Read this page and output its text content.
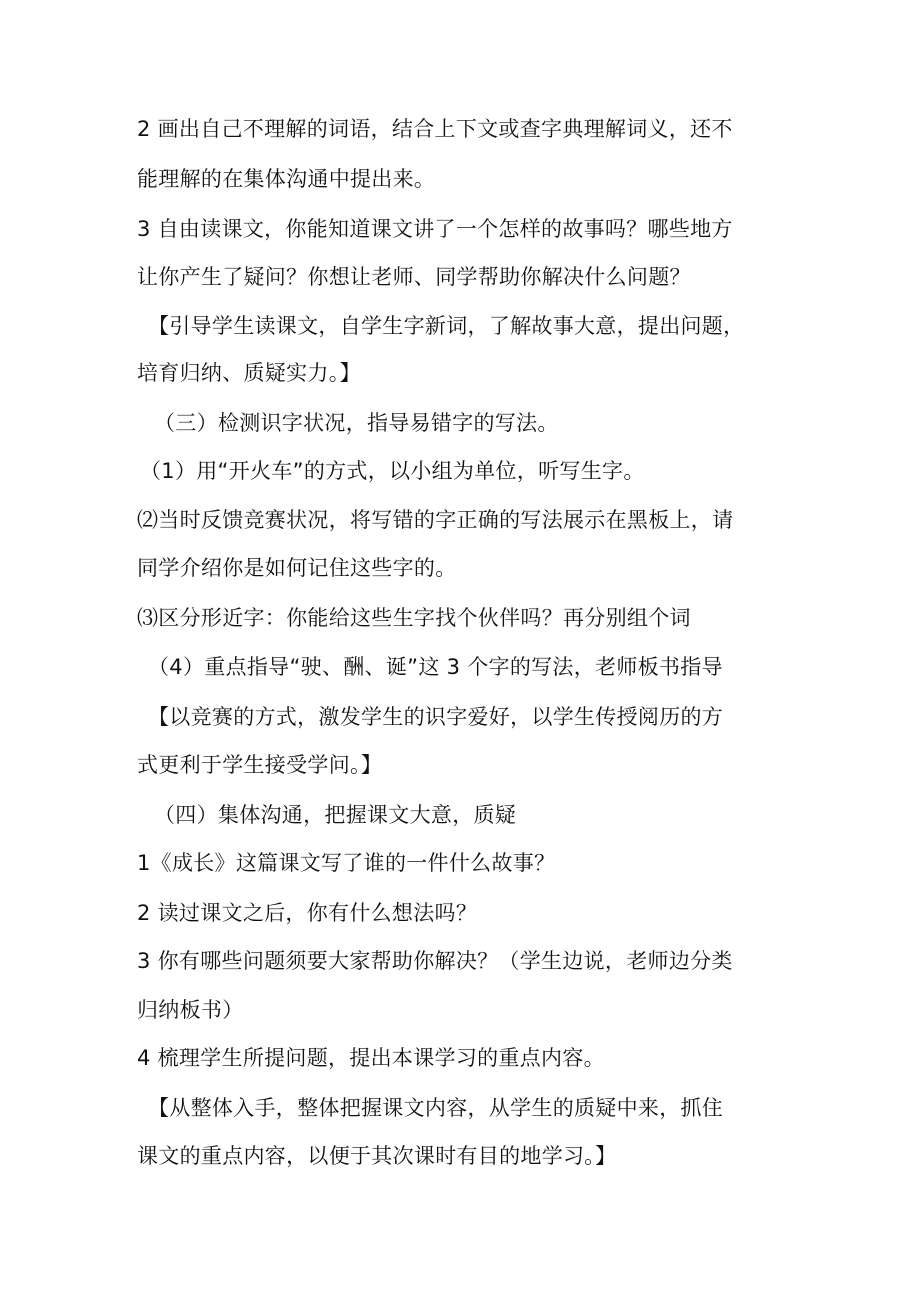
2 画出自己不理解的词语，结合上下文或查字典理解词义，还不
能理解的在集体沟通中提出来。
3 自由读课文，你能知道课文讲了一个怎样的故事吗？哪些地方
让你产生了疑问？你想让老师、同学帮助你解决什么问题？
【引导学生读课文，自学生字新词，了解故事大意，提出问题，
培育归纳、质疑实力。】
（三）检测识字状况，指导易错字的写法。
（1）用“开火车”的方式，以小组为单位，听写生字。
⑵当时反馈竞赛状况，将写错的字正确的写法展示在黑板上，请
同学介绍你是如何记住这些字的。
⑶区分形近字：你能给这些生字找个伙伴吗？再分别组个词
（4）重点指导“驶、酬、诞”这 3 个字的写法，老师板书指导
【以竞赛的方式，激发学生的识字爱好，以学生传授阅历的方
式更利于学生接受学问。】
（四）集体沟通，把握课文大意，质疑
1《成长》这篇课文写了谁的一件什么故事？
2 读过课文之后，你有什么想法吗？
3 你有哪些问题须要大家帮助你解决？（学生边说，老师边分类
归纳板书）
4 梳理学生所提问题，提出本课学习的重点内容。
【从整体入手，整体把握课文内容，从学生的质疑中来，抓住
课文的重点内容，以便于其次课时有目的地学习。】
